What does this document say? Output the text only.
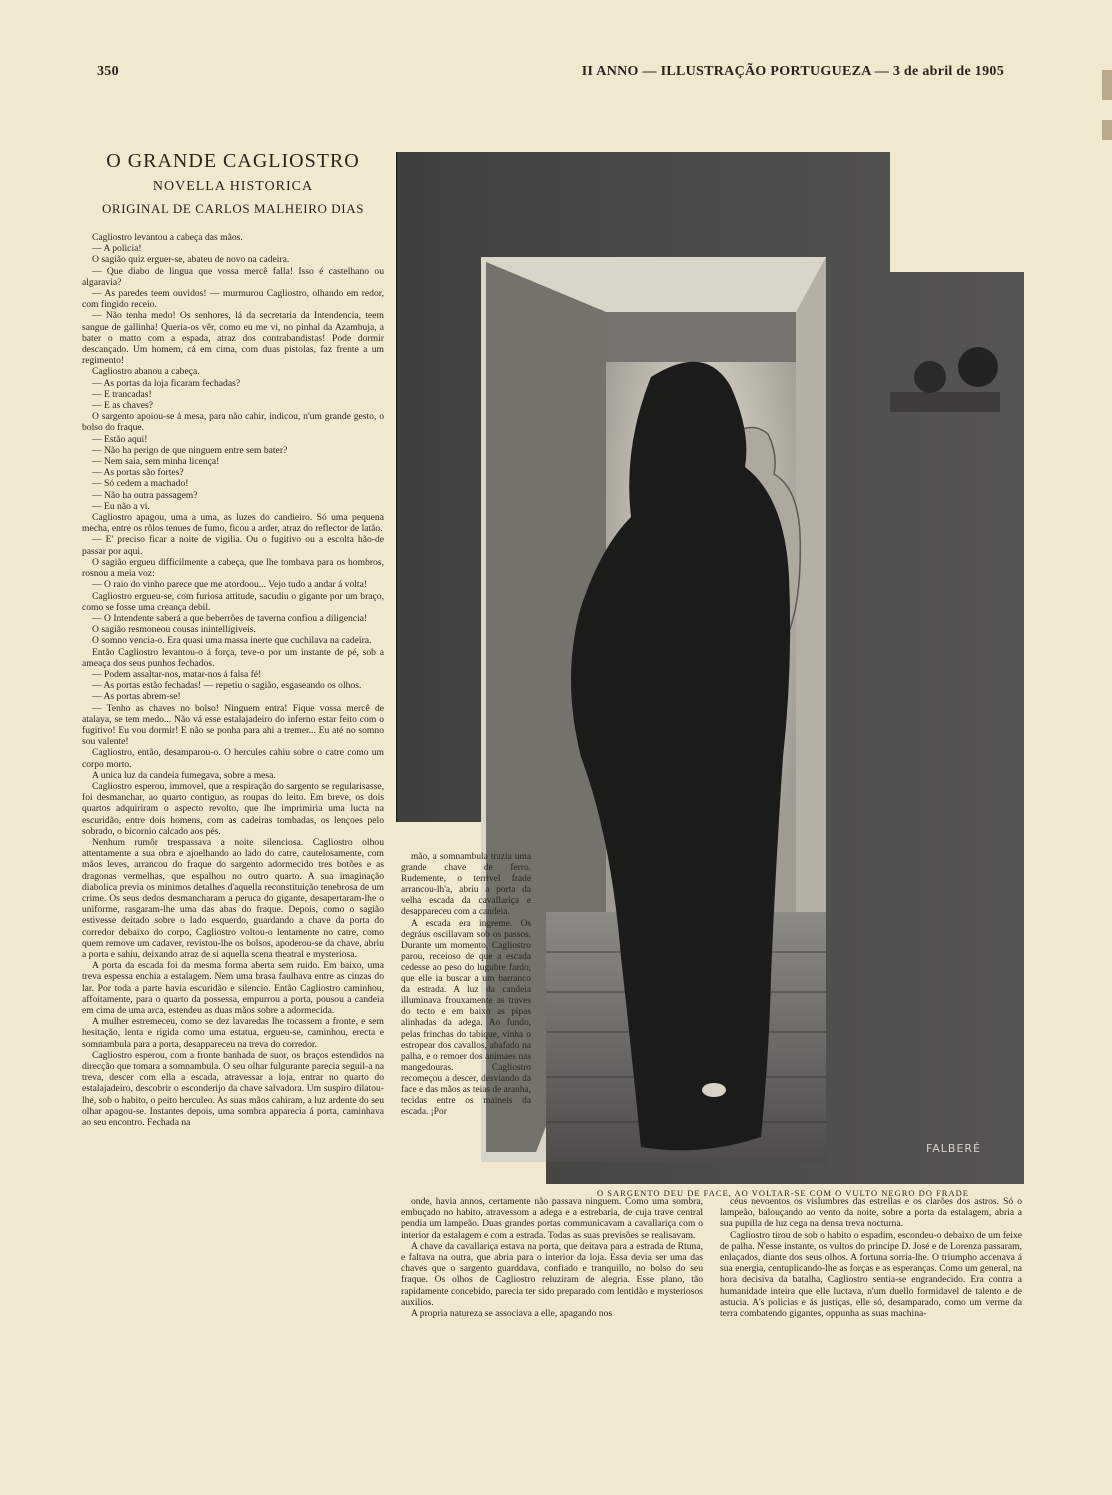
350	II ANNO — ILLUSTRAÇÃO PORTUGUEZA — 3 de abril de 1905
O GRANDE CAGLIOSTRO
NOVELLA HISTORICA
ORIGINAL DE CARLOS MALHEIRO DIAS

Cagliostro levantou a cabeça das mãos.

— A policia!

O sagião quiz erguer-se, abateu de novo na cadeira.

— Que diabo de lingua que vossa mercê falla! Isso é castelhano ou algaravia?

— As paredes teem ouvidos! — murmurou Cagliostro, olhando em redor, com fingido receio.

— Não tenha medo! Os senhores, lá da secretaria da Intendencia, teem sangue de gallinha! Queria-os vêr, como eu me vi, no pinhal da Azambuja, a bater o matto com a espada, atraz dos contrabandistas! Pode dormir descançado. Um homem, cá em cima, com duas pistolas, faz frente a um regimento!

Cagliostro abanou a cabeça.

— As portas da loja ficaram fechadas?

— E trancadas!

— E as chaves?

O sargento apoiou-se á mesa, para não cahir, indicou, n'um grande gesto, o bolso do fraque.

— Estão aqui!

— Não ha perigo de que ninguem entre sem bater?

— Nem saia, sem minha licença!

— As portas são fortes?

— Só cedem a machado!

— Não ha outra passagem?

— Eu não a vi.

Cagliostro apagou, uma a uma, as luzes do candieiro. Só uma pequena mecha, entre os rôlos tenues de fumo, ficou a arder, atraz do reflector de latão.

— E' preciso ficar a noite de vigilia. Ou o fugitivo ou a escolta hão-de passar por aqui.

O sagião ergueu difficilmente a cabeça, que lhe tombava para os hombros, rosnou a meia voz:

— O raio do vinho parece que me atordoou... Vejo tudo a andar á volta!

Cagliostro ergueu-se, com furiosa attitude, sacudiu o gigante por um braço, como se fosse uma creança debil.

— O Intendente saberá a que beberrões de taverna confiou a diligencia!

O sagião resmoneou cousas inintelligiveis.

O somno vencia-o. Era quasi uma massa inerte que cuchilava na cadeira.

Então Cagliostro levantou-o á força, teve-o por um instante de pé, sob a ameaça dos seus punhos fechados.

— Podem assaltar-nos, matar-nos á falsa fé!

— As portas estão fechadas! — repetiu o sagião, esgaseando os olhos.

— As portas abrem-se!

— Tenho as chaves no bolso! Ninguem entra! Fique vossa mercê de atalaya, se tem medo... Não vá esse estalajadeiro do inferno estar feito com o fugitivo! Eu vou dormir! E não se ponha para ahi a tremer... Eu até no somno sou valente!

Cagliostro, então, desamparou-o. O hercules cahiu sobre o catre como um corpo morto.

A unica luz da candeia fumegava, sobre a mesa.

Cagliostro esperou, immovel, que a respiração do sargento se regularisasse, foi desmanchar, ao quarto contiguo, as roupas do leito. Em breve, os dois quartos adquiriram o aspecto revolto, que lhe imprimiria uma lucta na escuridão, entre dois homens, com as cadeiras tombadas, os lençoes pelo sobrado, o bicornio calcado aos pés.

Nenhum rumôr trespassava a noite silenciosa. Cagliostro olhou attentamente a sua obra e ajoelhando ao lado do catre, cautelosamente, com mãos leves, arrancou do fraque do sargento adormecido tres botões e as dragonas vermelhas, que espalhou no outro quarto. A sua imaginação diabolica previa os minimos detalhes d'aquella reconstituição tenebrosa de um crime. Os seus dedos desmancharam a peruca do gigante, desapertaram-lhe o uniforme, rasgaram-lhe uma das abas do fraque. Depois, como o sagião estivesse deitado sobre o lado esquerdo, guardando a chave da porta do corredor debaixo do corpo, Cagliostro voltou-o lentamente no catre, como quem remove um cadaver, revistou-lhe os bolsos, apoderou-se da chave, abriu a porta e sahiu, deixando atraz de si aquella scena theatral e mysteriosa.

A porta da escada foi da mesma forma aberta sem ruido. Em baixo, uma treva espessa enchia a estalagem. Nem uma brasa faulhava entre as cinzas do lar. Por toda a parte havia escuridão e silencio. Então Cagliostro caminhou, affoitamente, para o quarto da possessa, empurrou a porta, pousou a candeia em cima de uma arca, estendeu as duas mãos sobre a adormecida.

A mulher estremeceu, como se dez lavaredas lhe tocassem a fronte, e sem hesitação, lenta e rigida como uma estatua, ergueu-se, caminhou, erecta e somnambula para a porta, desappareceu na treva do corredor.

Cagliostro esperou, com a fronte banhada de suor, os braços estendidos na direcção que tomara a somnambula. O seu olhar fulgurante parecia seguil-a na treva, descer com ella a escada, atravessar a loja, entrar no quarto do estalajadeiro, descobrir o esconderijo da chave salvadora. Um suspiro dilatou-lhe, sob o habito, o peito herculeo. As suas mãos cahiram, a luz ardente do seu olhar apagou-se. Instantes depois, uma sombra apparecia á porta, caminhava ao seu encontro. Fechada na

FALBERÉ
O SARGENTO DEU DE FACE, AO VOLTAR-SE COM O VULTO NEGRO DO FRADE

mão, a somnambula trazia uma grande chave de ferro. Rudemente, o terrivel frade arrancou-lh'a, abriu a porta da velha escada da cavallariça e desappareceu com a candeia.

A escada era ingreme. Os degráus oscillavam sob os passos. Durante um momento, Cagliostro parou, receioso de que a escada cedesse ao peso do lugubre fardo, que elle ia buscar a um barranco da estrada. A luz da candeia illuminava frouxamente as traves do tecto e em baixo as pipas alinhadas da adega. Ao fundo, pelas frinchas do tabique, vinha o estropear dos cavallos, abafado na palha, e o remoer dos animaes nas mangedouras. Cagliostro recomeçou a descer, desviando da face e das mãos as teias de aranha, tecidas entre os maineis da escada. ¡Por

onde, havia annos, certamente não passava ninguem. Como uma sombra, embuçado no habito, atravessom a adega e a estrebaria, de cuja trave central pendia um lampeão. Duas grandes portas communicavam a cavallariça com o interior da estalagem e com a estrada. Todas as suas previsões se realisavam.

A chave da cavallariça estava na porta, que deitava para a estrada de Rtuna, e faltava na outra, que abria para o interior da loja. Essa devia ser uma das chaves que o sargento guarddava, confiado e tranquillo, no bolso do seu fraque. Os olhos de Cagliostro reluziram de alegria. Esse plano, tão rapidamente concebido, parecia ter sido preparado com lentidão e mysteriosos auxilios.

A propria natureza se associava a elle, apagando nos

céus nevoentos os vislumbres das estrellas e os clarões dos astros. Só o lampeão, balouçando ao vento da noite, sobre a porta da estalagem, abria a sua pupilla de luz cega na densa treva nocturna.

Cagliostro tirou de sob o habito o espadim, escondeu-o debaixo de um feixe de palha. N'esse instante, os vultos do principe D. José e de Lorenza passaram, enlaçados, diante dos seus olhos. A fortuna sorria-lhe. O triumpho accenava á sua energia, centuplicando-lhe as forças e as esperanças. Como um general, na hora decisiva da batalha, Cagliostro sentia-se engrandecido. Era contra a humanidade inteira que elle luctava, n'um duello formidavel de talento e de astucia. A's policias e ás justiças, elle só, desamparado, como um verme da terra combatendo gigantes, oppunha as suas machina-
